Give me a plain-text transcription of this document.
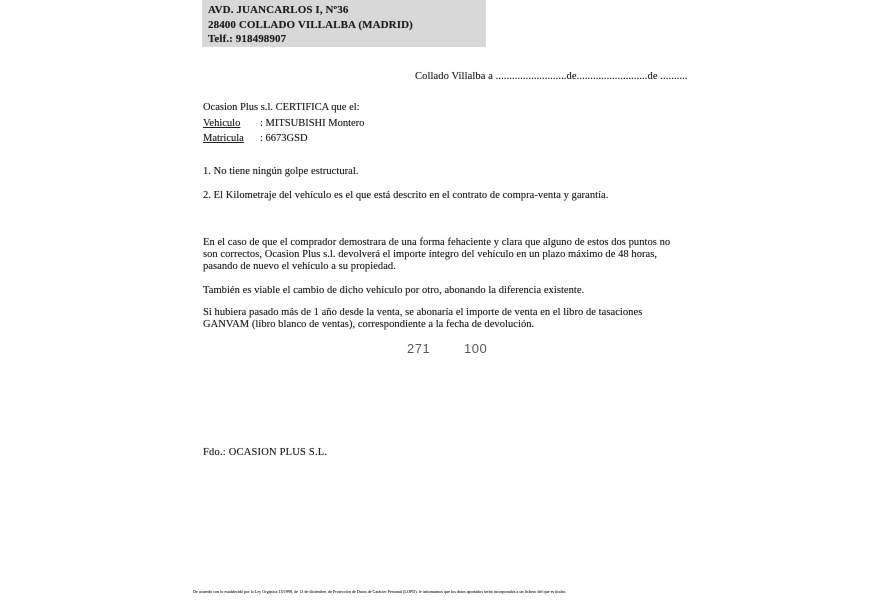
AVD. JUANCARLOS I, Nº36
28400 COLLADO VILLALBA (MADRID)
Telf.: 918498907
Collado Villalba a ..........................de..........................de ..........
Ocasion Plus s.l. CERTIFICA que el:
Vehiculo	: MITSUBISHI Montero
Matricula	: 6673GSD
1. No tiene ningún golpe estructural.
2. El Kilometraje del vehículo es el que está descrito en el contrato de compra-venta y garantía.
En el caso de que el comprador demostrara de una forma fehaciente y clara que alguno de estos dos puntos no
son correctos, Ocasion Plus s.l. devolverá el importe íntegro del vehículo en un plazo máximo de 48 horas,
pasando de nuevo el vehículo a su propiedad.
También es viable el cambio de dicho vehículo por otro, abonando la diferencia existente.
Si hubiera pasado más de 1 año desde la venta, se abonaría el importe de venta en el libro de tasaciones
GANVAM (libro blanco de ventas), correspondiente a la fecha de devolución.
Fdo.: OCASION PLUS S.L.
De acuerdo con lo establecido por la Ley Orgánica 15/1999, de 13 de diciembre, de Protección de Datos de Carácter Personal (LOPD), le informamos que los datos aportados serán incorporados a un fichero del que es titular.
271	100
